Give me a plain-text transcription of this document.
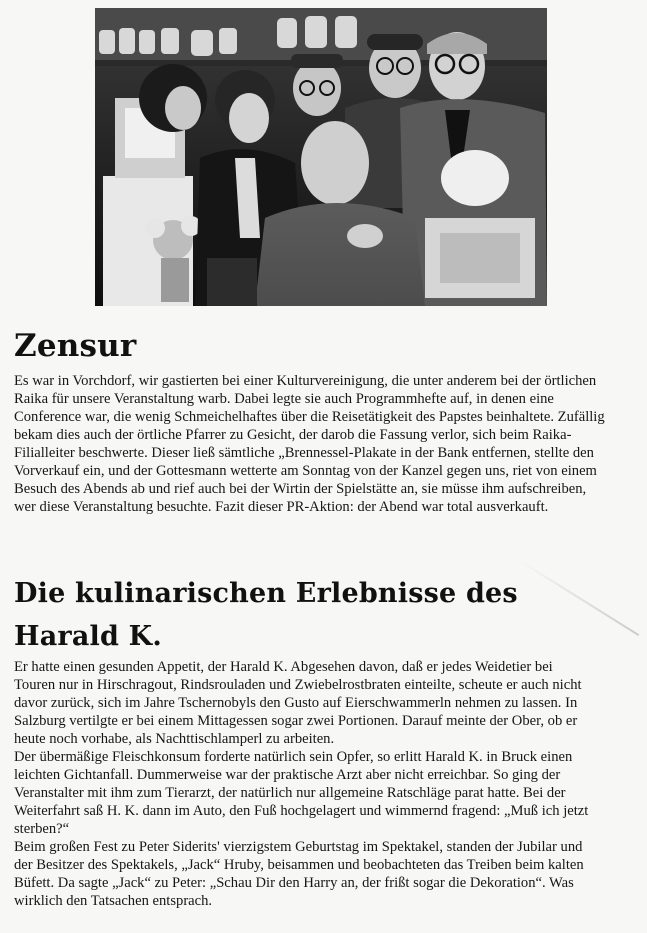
Zensur
Es war in Vorchdorf, wir gastierten bei einer Kulturvereinigung, die unter anderem bei der örtlichen
Raika für unsere Veranstaltung warb. Dabei legte sie auch Programmhefte auf, in denen eine
Conference war, die wenig Schmeichelhaftes über die Reisetätigkeit des Papstes beinhaltete. Zufällig
bekam dies auch der örtliche Pfarrer zu Gesicht, der darob die Fassung verlor, sich beim Raika-
Filialleiter beschwerte. Dieser ließ sämtliche „Brennessel-Plakate in der Bank entfernen, stellte den
Vorverkauf ein, und der Gottesmann wetterte am Sonntag von der Kanzel gegen uns, riet von einem
Besuch des Abends ab und rief auch bei der Wirtin der Spielstätte an, sie müsse ihm aufschreiben,
wer diese Veranstaltung besuchte. Fazit dieser PR-Aktion: der Abend war total ausverkauft.
Die kulinarischen Erlebnisse des
Harald K.
Er hatte einen gesunden Appetit, der Harald K. Abgesehen davon, daß er jedes Weidetier bei
Touren nur in Hirschragout, Rindsrouladen und Zwiebelrostbraten einteilte, scheute er auch nicht
davor zurück, sich im Jahre Tschernobyls den Gusto auf Eierschwammerln nehmen zu lassen. In
Salzburg vertilgte er bei einem Mittagessen sogar zwei Portionen. Darauf meinte der Ober, ob er
heute noch vorhabe, als Nachttischlamperl zu arbeiten.
Der übermäßige Fleischkonsum forderte natürlich sein Opfer, so erlitt Harald K. in Bruck einen
leichten Gichtanfall. Dummerweise war der praktische Arzt aber nicht erreichbar. So ging der
Veranstalter mit ihm zum Tierarzt, der natürlich nur allgemeine Ratschläge parat hatte. Bei der
Weiterfahrt saß H. K. dann im Auto, den Fuß hochgelagert und wimmernd fragend: „Muß ich jetzt
sterben?“
Beim großen Fest zu Peter Siderits' vierzigstem Geburtstag im Spektakel, standen der Jubilar und
der Besitzer des Spektakels, „Jack“ Hruby, beisammen und beobachteten das Treiben beim kalten
Büfett. Da sagte „Jack“ zu Peter: „Schau Dir den Harry an, der frißt sogar die Dekoration“. Was
wirklich den Tatsachen entsprach.
